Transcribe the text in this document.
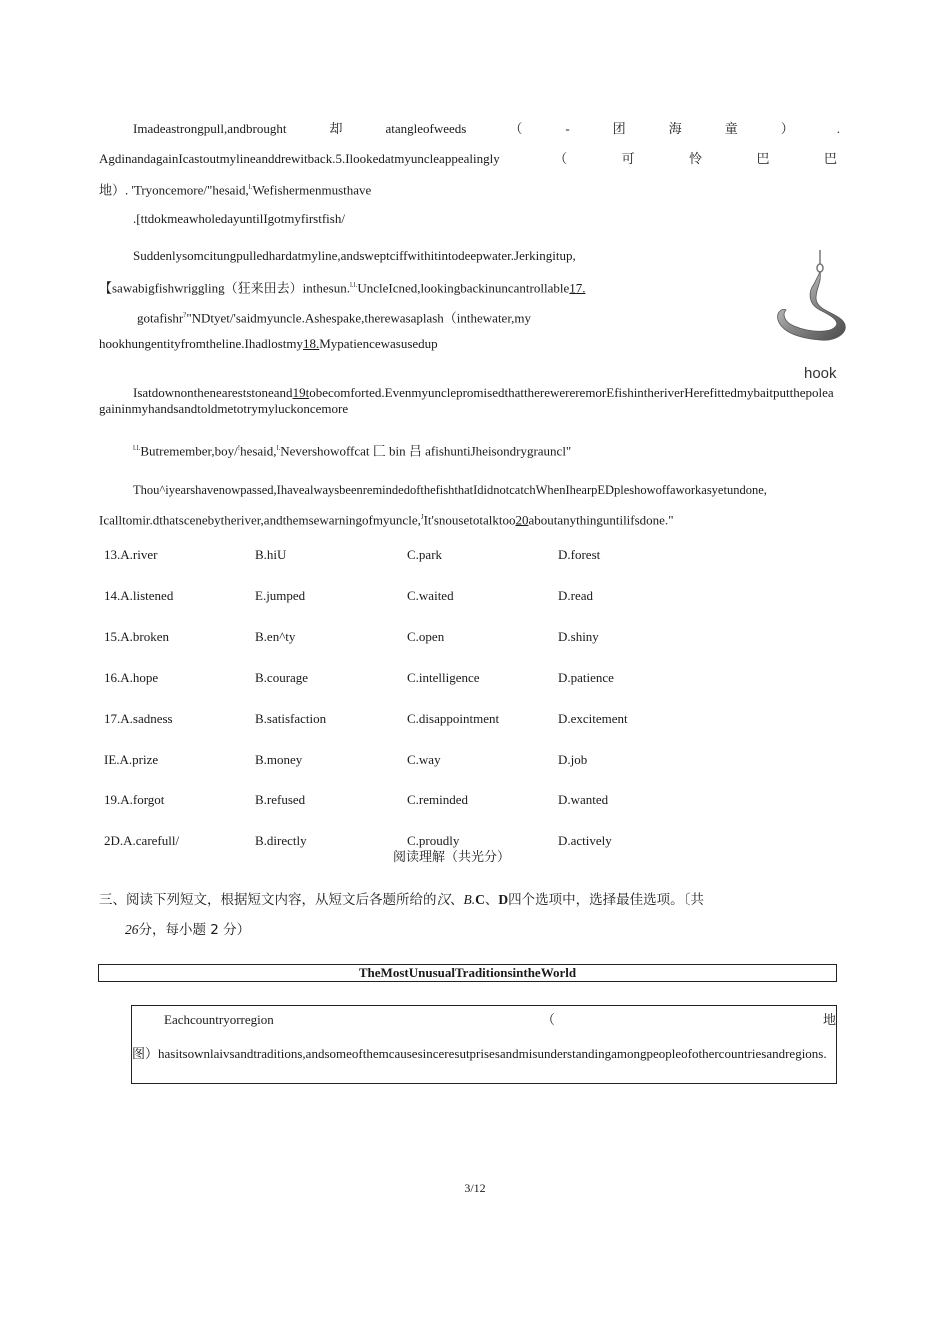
Imadeastrongpull,andbrought	却	atangleofweeds	（	-	团	海	童	）	.
AgdinandagainIcastoutmylineanddrewitback.5.Ilookedatmyuncleappealingly	（	可	怜	巴	巴
地）. 'Tryoncemore/"hesaid,$^{l.}$Wefishermenmusthave
.[ttdokmeawholedayuntilIgotmyfirstfish/
Suddenlysomcitungpulledhardatmyline,andsweptciffwithitintodeepwater.Jerkingitup,
【sawabigfishwriggling（狂来田去）inthesun.$^{l.l.}$UncleIcned,lookingbackinuncantrollable17.
gotafishr?"NDtyet/'saidmyuncle.Ashespake,therewasaplash（inthewater,my
hookhungentityfromtheline.Ihadlostmy18.Mypatiencewasusedup
hook
Isatdownontheneareststoneand19tobecomforted.EvenmyunclepromisedthattherewereremorEfishintheriverHerefittedmybaitputthepoleagaininmyhandsandtoldmetotrymyluckoncemore
$^{l.l.}$Butremember,boy/!hesaid,$^{l.}$Nevershowoffcat 匚 bin 吕 afishuntiJheisondrygrauncl"
Thou^iyearshavenowpassed,IhavealwaysbeenremindedofthefishthatIdidnotcatchWhenIhearpEDpleshowoffaworkasyetundone,
Icalltomir.dthatscenebytheriver,andthemsewarningofmyuncle,$^J$It'snousetotalktoo20aboutanythinguntilifsdone."
13.A.river	B.hiU	C.park	D.forest
14.A.listened	E.jumped	C.waited	D.read
15.A.broken	B.en^ty	C.open	D.shiny
16.A.hope	B.courage	C.intelligence	D.patience
17.A.sadness	B.satisfaction	C.disappointment	D.excitement
IE.A.prize	B.money	C.way	D.job
19.A.forgot	B.refused	C.reminded	D.wanted
2D.A.carefull/	B.directly	C.proudly	D.actively
阅读理解（共光分）
三、阅读下列短文，根据短文内容，从短文后各题所给的汉、B.C、D四个选项中，选择最佳选项。〔共
26分，每小题 2 分）
TheMostUnusualTraditionsintheWorld
Eachcountryorregion	（	地
图）hasitsownlaivsandtraditions,andsomeofthemcausesinceresutprisesandmisunderstandingamongpeopleofothercountriesandregions.
3/12
